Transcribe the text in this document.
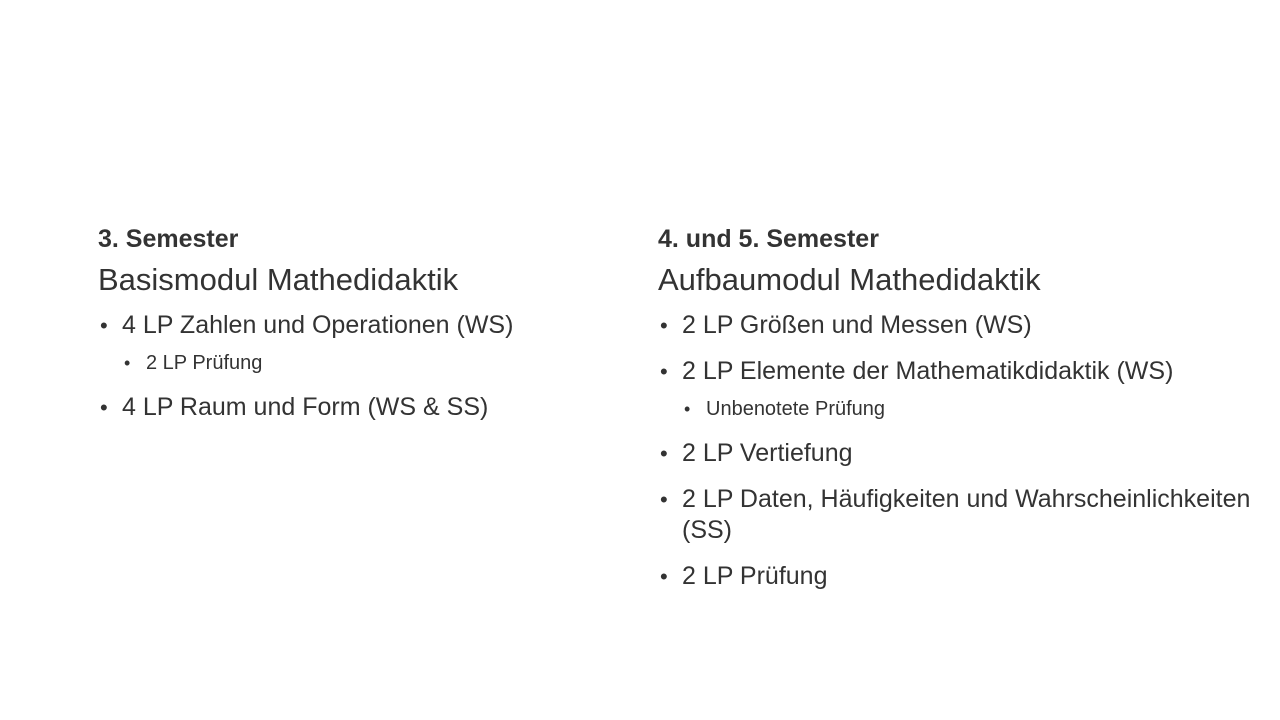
3. Semester

Basismodul Mathedidaktik
• 4 LP Zahlen und Operationen (WS)
• 2 LP Prüfung
• 4 LP Raum und Form (WS & SS)

4. und 5. Semester

Aufbaumodul Mathedidaktik
• 2 LP Größen und Messen (WS)
• 2 LP Elemente der Mathematikdidaktik (WS)
• Unbenotete Prüfung
• 2 LP Vertiefung
• 2 LP Daten, Häufigkeiten und Wahrscheinlichkeiten (SS)
• 2 LP Prüfung
